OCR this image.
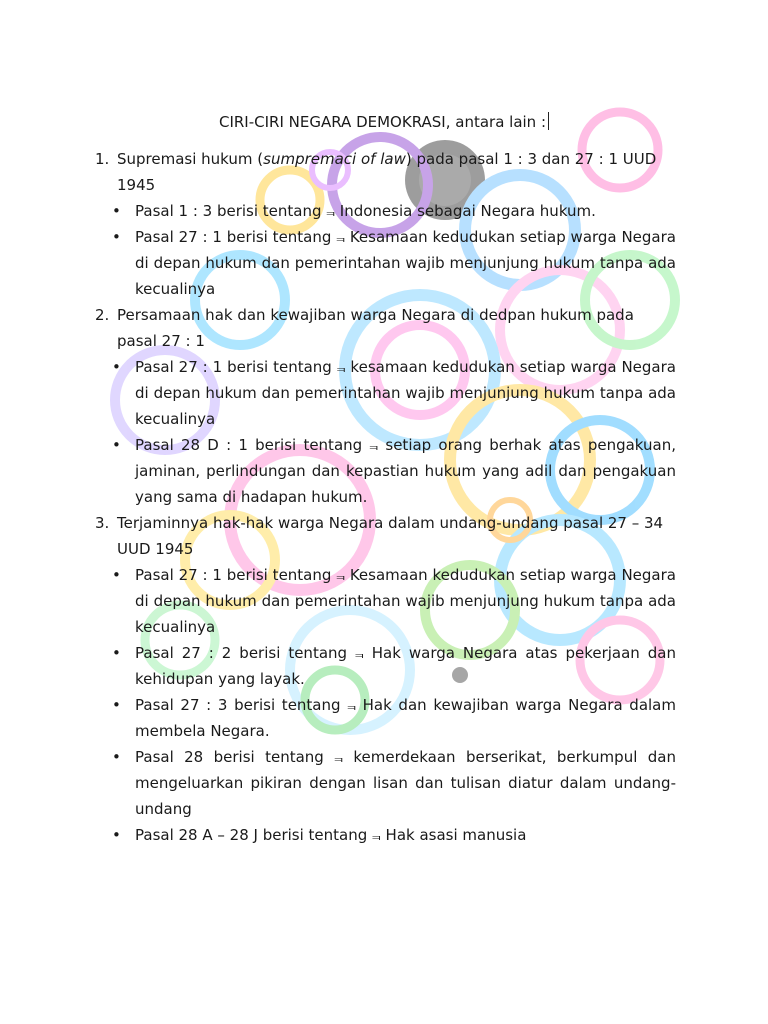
CIRI-CIRI NEGARA DEMOKRASI, antara lain :
1. Supremasi hukum (sumpremaci of law) pada pasal 1 : 3 dan 27 : 1 UUD 1945
• Pasal 1 : 3 berisi tentang ⫬ Indonesia sebagai Negara hukum.
• Pasal 27 : 1 berisi tentang ⫬ Kesamaan kedudukan setiap warga Negara di depan hukum dan pemerintahan wajib menjunjung hukum tanpa ada kecualinya
2. Persamaan hak dan kewajiban warga Negara di dedpan hukum pada pasal 27 : 1
• Pasal 27 : 1 berisi tentang ⫬ kesamaan kedudukan setiap warga Negara di depan hukum dan pemerintahan wajib menjunjung hukum tanpa ada kecualinya
• Pasal 28 D : 1 berisi tentang ⫬ setiap orang berhak atas pengakuan, jaminan, perlindungan dan kepastian hukum yang adil dan pengakuan yang sama di hadapan hukum.
3. Terjaminnya hak-hak warga Negara dalam undang-undang pasal 27 – 34 UUD 1945
• Pasal 27 : 1 berisi tentang ⫬ Kesamaan kedudukan setiap warga Negara di depan hukum dan pemerintahan wajib menjunjung hukum tanpa ada kecualinya
• Pasal 27 : 2 berisi tentang ⫬ Hak warga Negara atas pekerjaan dan kehidupan yang layak.
• Pasal 27 : 3 berisi tentang ⫬ Hak dan kewajiban warga Negara dalam membela Negara.
• Pasal 28 berisi tentang ⫬ kemerdekaan berserikat, berkumpul dan mengeluarkan pikiran dengan lisan dan tulisan diatur dalam undang-undang
• Pasal 28 A – 28 J berisi tentang ⫬ Hak asasi manusia
